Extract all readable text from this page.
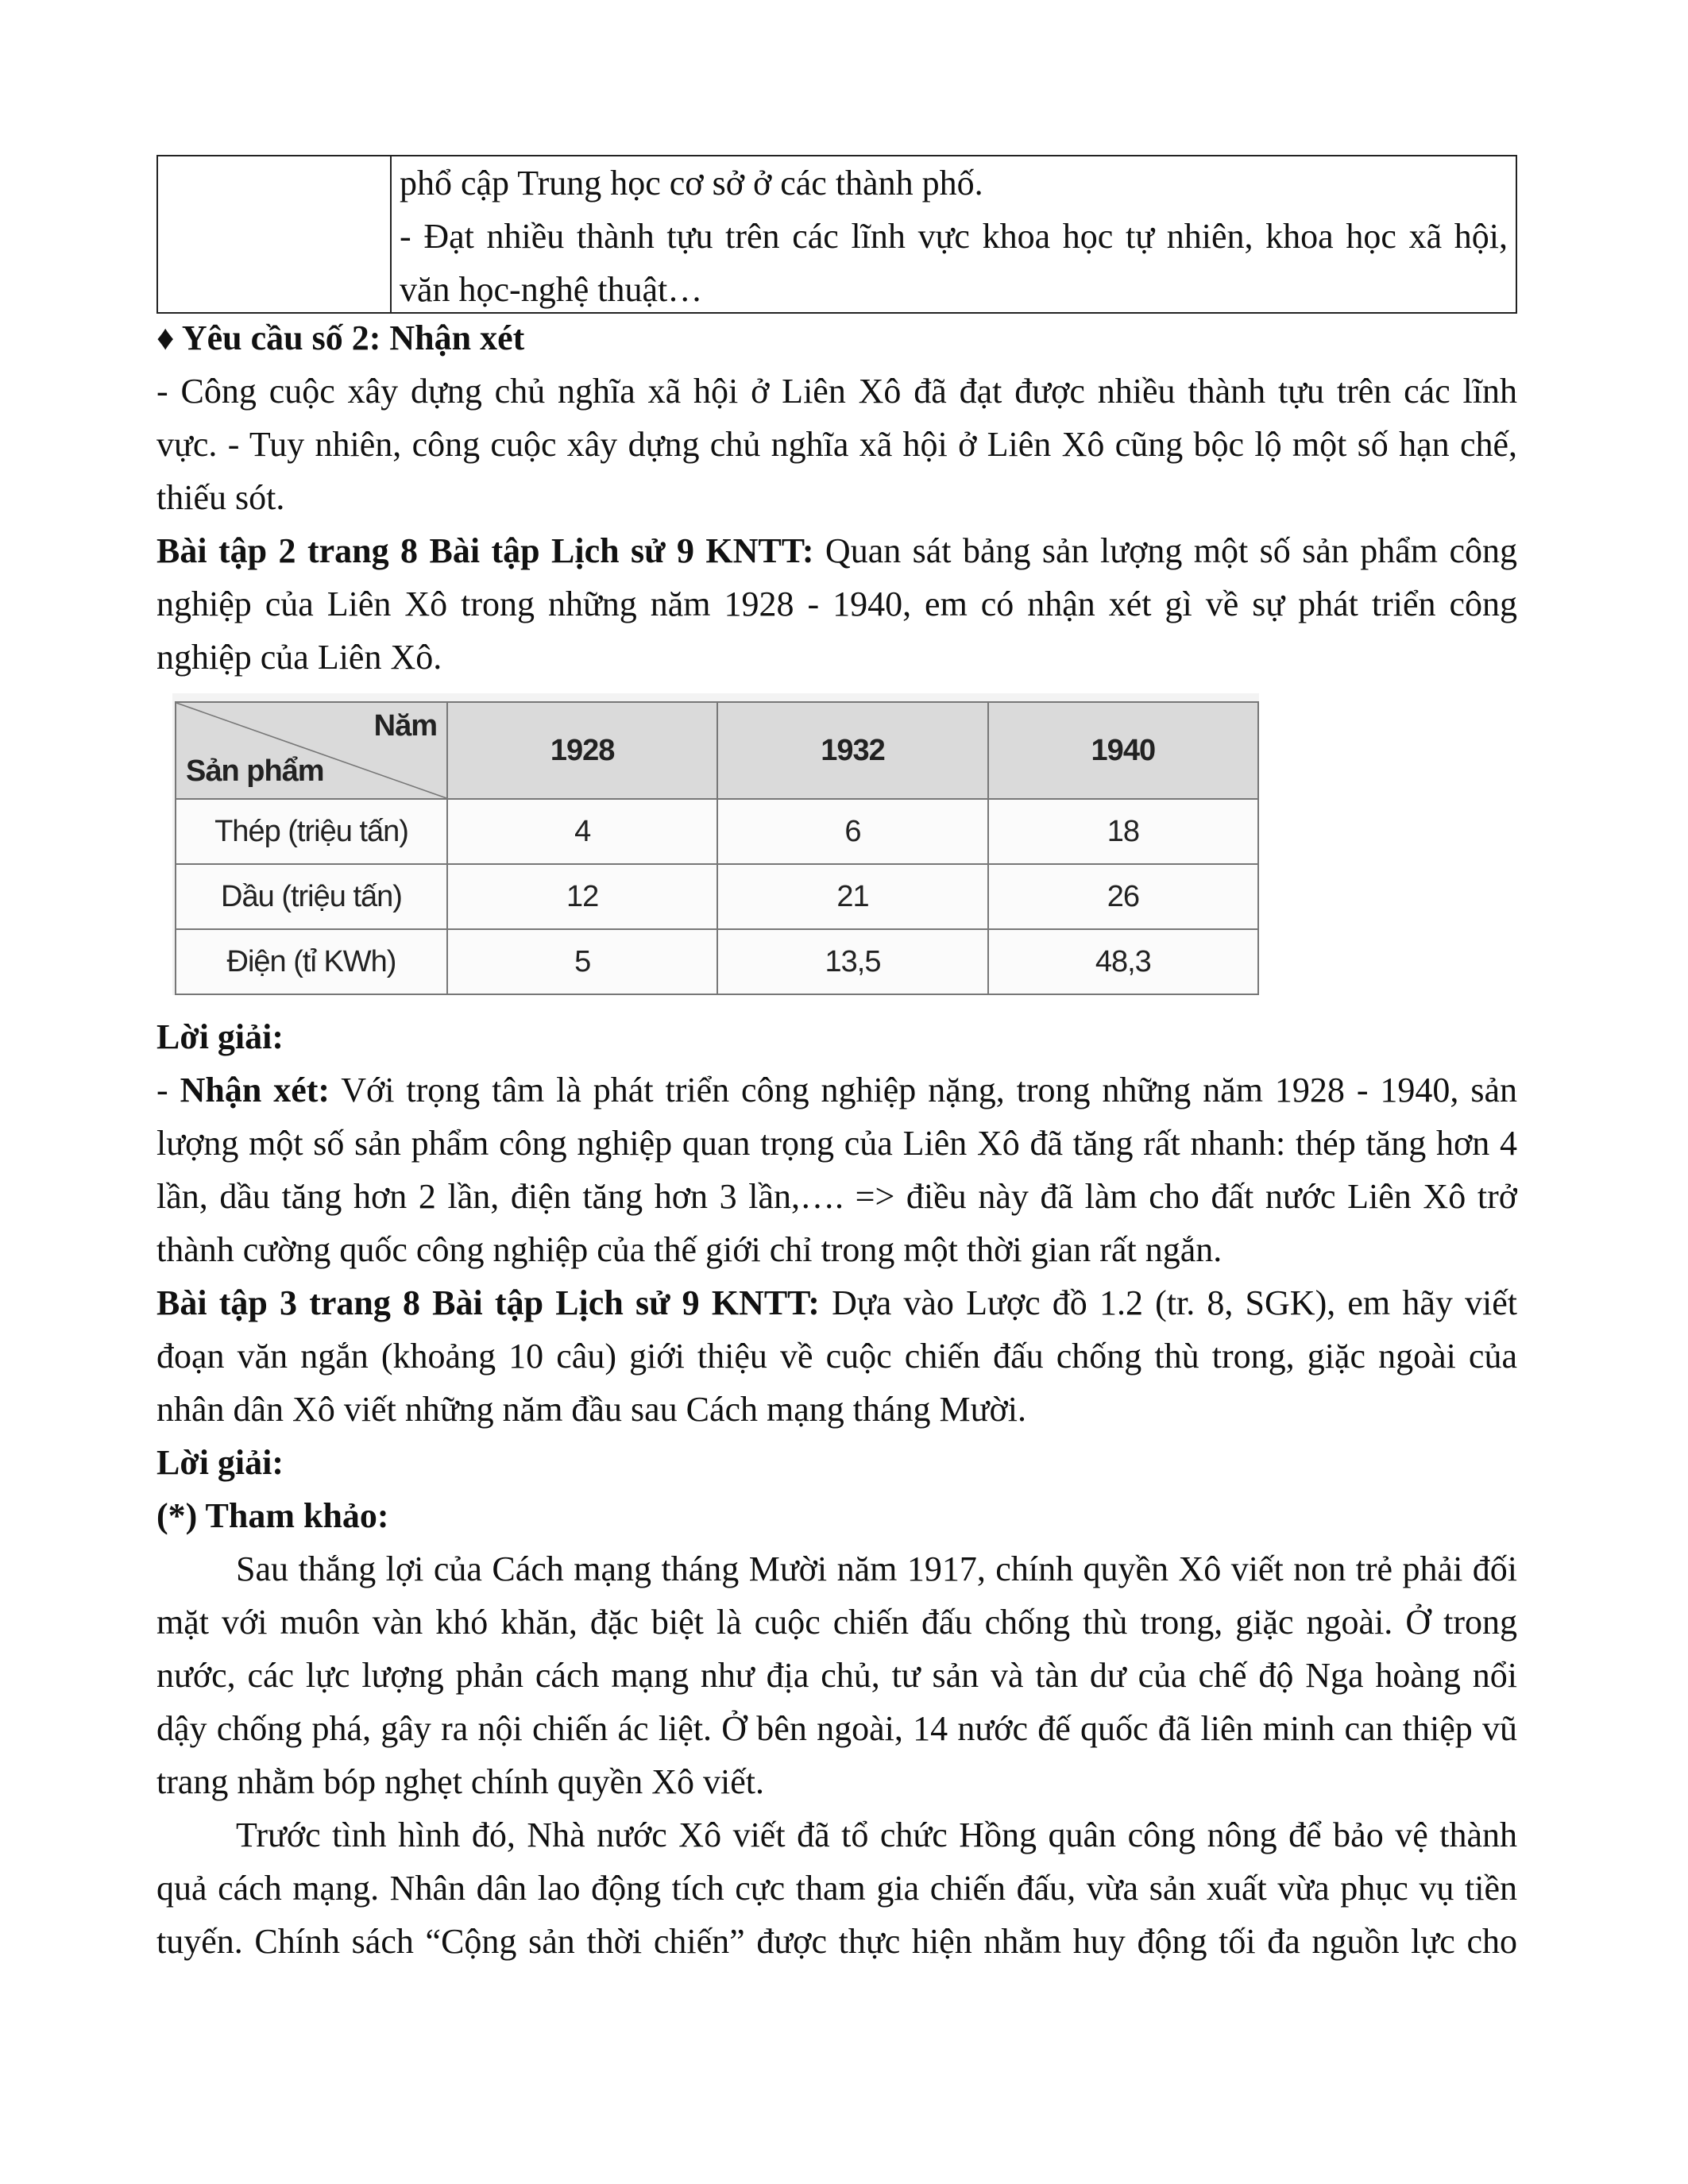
phổ cập Trung học cơ sở ở các thành phố.
- Đạt nhiều thành tựu trên các lĩnh vực khoa học tự nhiên, khoa học xã hội,
văn học-nghệ thuật…
♦ Yêu cầu số 2: Nhận xét
- Công cuộc xây dựng chủ nghĩa xã hội ở Liên Xô đã đạt được nhiều thành tựu trên các lĩnh
vực. - Tuy nhiên, công cuộc xây dựng chủ nghĩa xã hội ở Liên Xô cũng bộc lộ một số hạn chế,
thiếu sót.
Bài tập 2 trang 8 Bài tập Lịch sử 9 KNTT: Quan sát bảng sản lượng một số sản phẩm công
nghiệp của Liên Xô trong những năm 1928 - 1940, em có nhận xét gì về sự phát triển công
nghiệp của Liên Xô.
Năm
Sản phẩm	1928	1932	1940
Thép (triệu tấn)	4	6	18
Dầu (triệu tấn)	12	21	26
Điện (tỉ KWh)	5	13,5	48,3
Lời giải:
- Nhận xét: Với trọng tâm là phát triển công nghiệp nặng, trong những năm 1928 - 1940, sản
lượng một số sản phẩm công nghiệp quan trọng của Liên Xô đã tăng rất nhanh: thép tăng hơn 4
lần, dầu tăng hơn 2 lần, điện tăng hơn 3 lần,…. => điều này đã làm cho đất nước Liên Xô trở
thành cường quốc công nghiệp của thế giới chỉ trong một thời gian rất ngắn.
Bài tập 3 trang 8 Bài tập Lịch sử 9 KNTT: Dựa vào Lược đồ 1.2 (tr. 8, SGK), em hãy viết
đoạn văn ngắn (khoảng 10 câu) giới thiệu về cuộc chiến đấu chống thù trong, giặc ngoài của
nhân dân Xô viết những năm đầu sau Cách mạng tháng Mười.
Lời giải:
(*) Tham khảo:
Sau thắng lợi của Cách mạng tháng Mười năm 1917, chính quyền Xô viết non trẻ phải đối
mặt với muôn vàn khó khăn, đặc biệt là cuộc chiến đấu chống thù trong, giặc ngoài. Ở trong
nước, các lực lượng phản cách mạng như địa chủ, tư sản và tàn dư của chế độ Nga hoàng nổi
dậy chống phá, gây ra nội chiến ác liệt. Ở bên ngoài, 14 nước đế quốc đã liên minh can thiệp vũ
trang nhằm bóp nghẹt chính quyền Xô viết.
Trước tình hình đó, Nhà nước Xô viết đã tổ chức Hồng quân công nông để bảo vệ thành
quả cách mạng. Nhân dân lao động tích cực tham gia chiến đấu, vừa sản xuất vừa phục vụ tiền
tuyến. Chính sách “Cộng sản thời chiến” được thực hiện nhằm huy động tối đa nguồn lực cho
